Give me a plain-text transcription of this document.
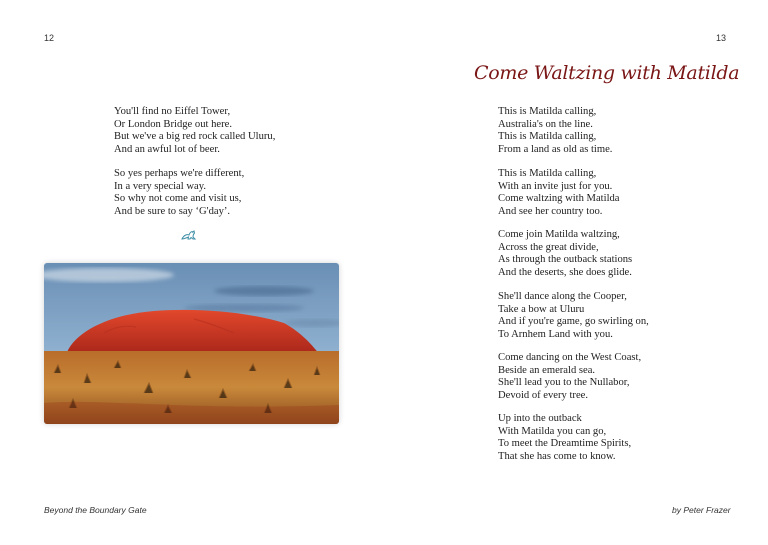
12
You'll find no Eiffel Tower,
Or London Bridge out here.
But we've a big red rock called Uluru,
And an awful lot of beer.
So yes perhaps we're different,
In a very special way.
So why not come and visit us,
And be sure to say ‘G'day’.
Beyond the Boundary Gate
13
Come Waltzing with Matilda
This is Matilda calling,
Australia's on the line.
This is Matilda calling,
From a land as old as time.
This is Matilda calling,
With an invite just for you.
Come waltzing with Matilda
And see her country too.
Come join Matilda waltzing,
Across the great divide,
As through the outback stations
And the deserts, she does glide.
She'll dance along the Cooper,
Take a bow at Uluru
And if you're game, go swirling on,
To Arnhem Land with you.
Come dancing on the West Coast,
Beside an emerald sea.
She'll lead you to the Nullabor,
Devoid of every tree.
Up into the outback
With Matilda you can go,
To meet the Dreamtime Spirits,
That she has come to know.
by Peter Frazer
